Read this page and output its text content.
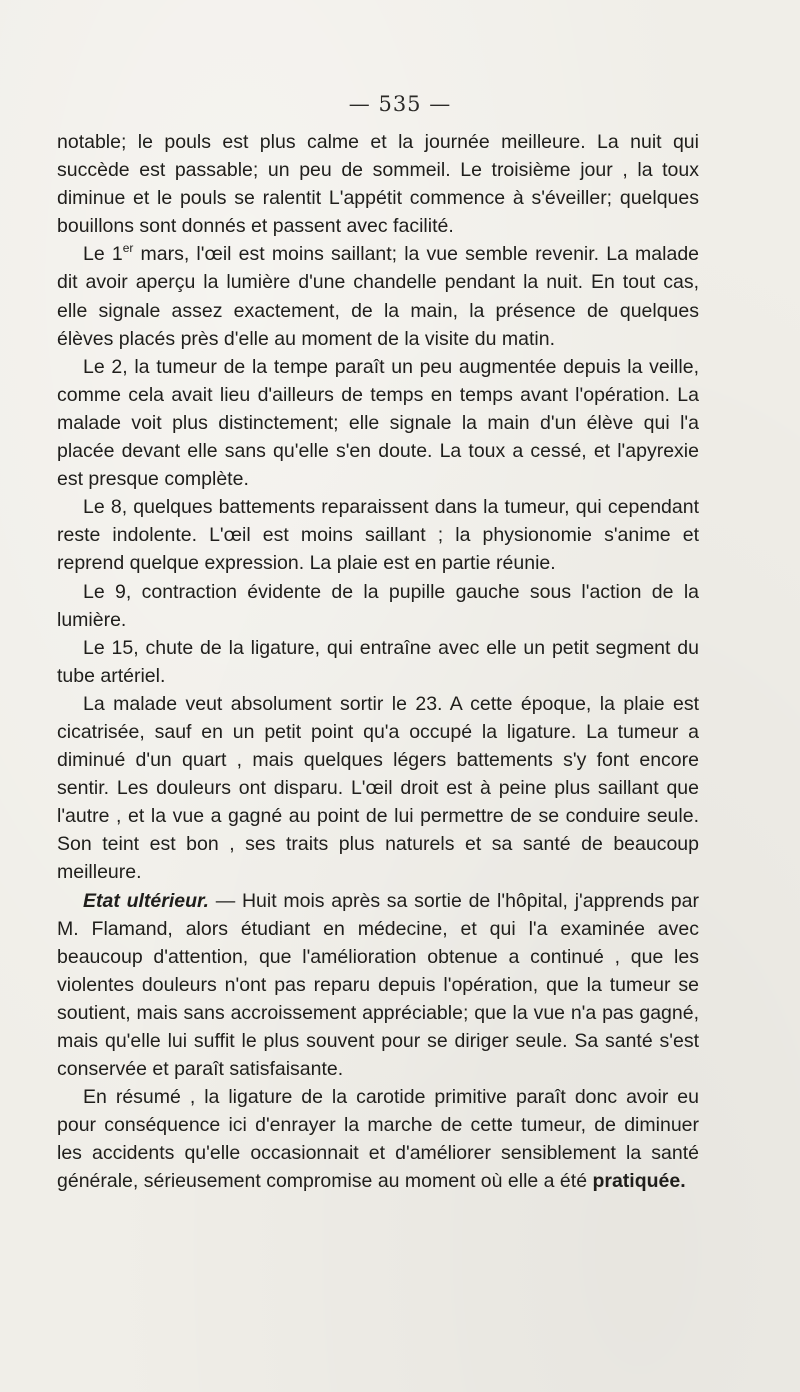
— 535 —

notable; le pouls est plus calme et la journée meilleure. La nuit qui succède est passable; un peu de sommeil. Le troisième jour , la toux diminue et le pouls se ralentit L'appétit commence à s'éveiller; quelques bouillons sont donnés et passent avec facilité.

Le 1er mars, l'œil est moins saillant; la vue semble revenir. La malade dit avoir aperçu la lumière d'une chandelle pendant la nuit. En tout cas, elle signale assez exactement, de la main, la présence de quelques élèves placés près d'elle au moment de la visite du matin.

Le 2, la tumeur de la tempe paraît un peu augmentée depuis la veille, comme cela avait lieu d'ailleurs de temps en temps avant l'opération. La malade voit plus distinctement; elle signale la main d'un élève qui l'a placée devant elle sans qu'elle s'en doute. La toux a cessé, et l'apyrexie est presque complète.

Le 8, quelques battements reparaissent dans la tumeur, qui cependant reste indolente. L'œil est moins saillant ; la physionomie s'anime et reprend quelque expression. La plaie est en partie réunie.

Le 9, contraction évidente de la pupille gauche sous l'action de la lumière.

Le 15, chute de la ligature, qui entraîne avec elle un petit segment du tube artériel.

La malade veut absolument sortir le 23. A cette époque, la plaie est cicatrisée, sauf en un petit point qu'a occupé la ligature. La tumeur a diminué d'un quart , mais quelques légers battements s'y font encore sentir. Les douleurs ont disparu. L'œil droit est à peine plus saillant que l'autre , et la vue a gagné au point de lui permettre de se conduire seule. Son teint est bon , ses traits plus naturels et sa santé de beaucoup meilleure.

Etat ultérieur. — Huit mois après sa sortie de l'hôpital, j'apprends par M. Flamand, alors étudiant en médecine, et qui l'a examinée avec beaucoup d'attention, que l'amélioration obtenue a continué , que les violentes douleurs n'ont pas reparu depuis l'opération, que la tumeur se soutient, mais sans accroissement appréciable; que la vue n'a pas gagné, mais qu'elle lui suffit le plus souvent pour se diriger seule. Sa santé s'est conservée et paraît satisfaisante.

En résumé , la ligature de la carotide primitive paraît donc avoir eu pour conséquence ici d'enrayer la marche de cette tumeur, de diminuer les accidents qu'elle occasionnait et d'améliorer sensiblement la santé générale, sérieusement compromise au moment où elle a été pratiquée.
